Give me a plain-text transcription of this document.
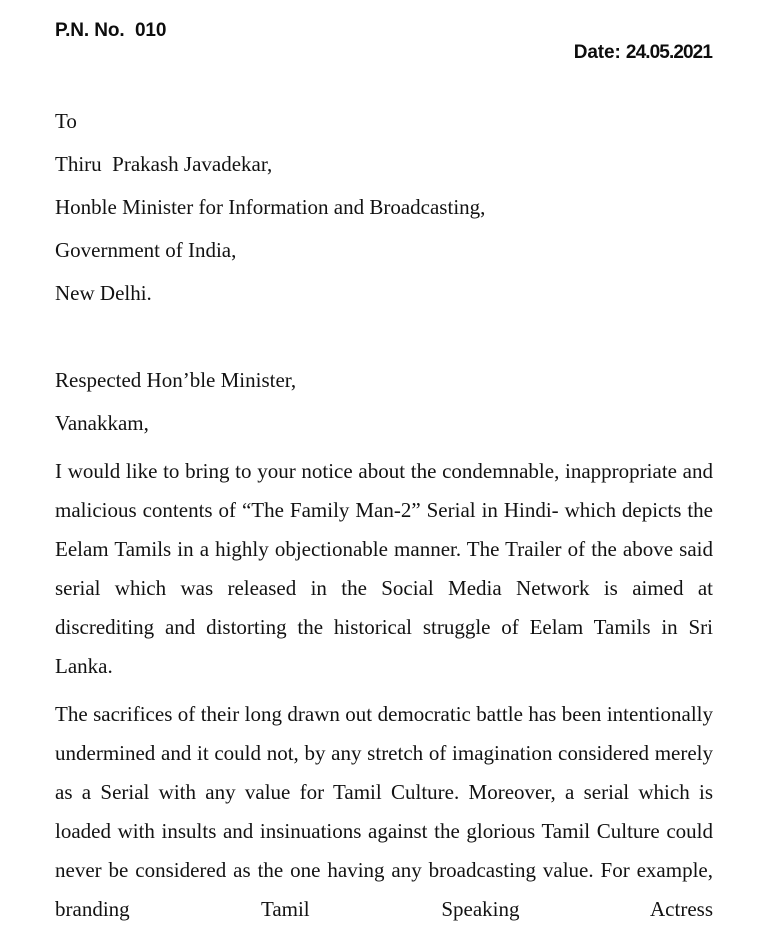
P.N. No.  010

Date: 24.05.2021

To
Thiru  Prakash Javadekar,
Honble Minister for Information and Broadcasting,
Government of India,
New Delhi.
Respected Hon’ble Minister,
Vanakkam,

I would like to bring to your notice about the condemnable, inappropriate and malicious contents of “The Family Man-2” Serial in Hindi- which depicts the Eelam Tamils in a highly objectionable manner. The Trailer of the above said serial which was released in the Social Media Network is aimed at discrediting and distorting the historical struggle of Eelam Tamils in Sri Lanka.

The sacrifices of their long drawn out democratic battle has been intentionally undermined and it could not, by any stretch of imagination considered merely as a Serial with any value for Tamil Culture. Moreover, a serial which is loaded with insults and insinuations against the glorious Tamil Culture could never be considered as the one having any broadcasting value. For example, branding Tamil Speaking Actress
